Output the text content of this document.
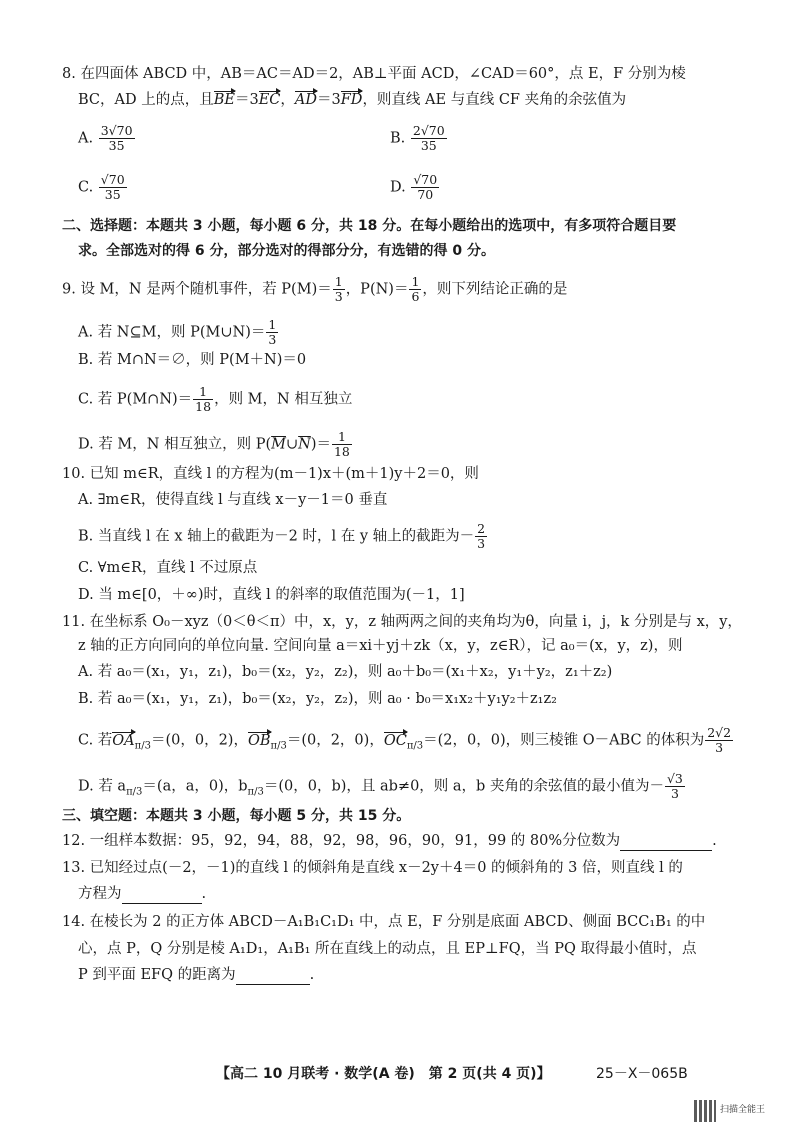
8. 在四面体 ABCD 中，AB＝AC＝AD＝2，AB⊥平面 ACD，∠CAD＝60°，点 E，F 分别为棱
BC，AD 上的点，且BE＝3EC，AD＝3FD，则直线 AE 与直线 CF 夹角的余弦值为
A. $\frac{3√70}{35}$	B. $\frac{2√70}{35}$
C. $\frac{√70}{35}$	D. $\frac{√70}{70}$
二、选择题：本题共 3 小题，每小题 6 分，共 18 分。在每小题给出的选项中，有多项符合题目要
求。全部选对的得 6 分，部分选对的得部分分，有选错的得 0 分。
9. 设 M，N 是两个随机事件，若 $P(M)= \frac{1}{3}$ ，$P(N)= \frac{1}{6}$ ，则下列结论正确的是
A. 若 N⊆M，则 P(M∪N)＝ $\frac{1}{3}$
B. 若 M∩N＝∅，则 P(M＋N)＝0
C. 若 P(M∩N)＝ $\frac{1}{18}$ ，则 M，N 相互独立
D. 若 M，N 相互独立，则 $P(\overline{M}\cup\overline{N})= \frac{1}{18}$
10. 已知 m∈R，直线 l 的方程为(m－1)x＋(m＋1)y＋2＝0，则
A. ∃m∈R，使得直线 l 与直线 x－y－1＝0 垂直
B. 当直线 l 在 x 轴上的截距为－2 时，l 在 y 轴上的截距为－ $\frac{2}{3}$
C. ∀m∈R，直线 l 不过原点
D. 当 m∈[0，＋∞)时，直线 l 的斜率的取值范围为(－1，1]
11. 在坐标系 O₀－xyz（0＜θ＜π）中，x，y，z 轴两两之间的夹角均为θ，向量 i，j，k 分别是与 x，y，
z 轴的正方向同向的单位向量. 空间向量 a＝xi＋yj＋zk（x，y，z∈R），记 a₀＝(x，y，z)，则
A. 若 a₀＝(x₁，y₁，z₁)，b₀＝(x₂，y₂，z₂)，则 a₀＋b₀＝(x₁＋x₂，y₁＋y₂，z₁＋z₂)
B. 若 a₀＝(x₁，y₁，z₁)，b₀＝(x₂，y₂，z₂)，则 a₀ · b₀＝x₁x₂＋y₁y₂＋z₁z₂
C. 若$OA_{\pi/3}=(0$，0，2)，$OB_{\pi/3}=(0$，2，0)，$OC_{\pi/3}=(2$，0，0)，则三棱锥 O－ABC 的体积为 $\frac{2√2}{3}$
D. 若 $a_{\pi/3}=(a$，a，0)，$b_{\pi/3}=(0$，0，b)，且 ab≠0，则 a，b 夹角的余弦值的最小值为－ $\frac{√3}{3}$
三、填空题：本题共 3 小题，每小题 5 分，共 15 分。
12. 一组样本数据：95，92，94，88，92，98，96，90，91，99 的 80%分位数为	.
13. 已知经过点(－2，－1)的直线 l 的倾斜角是直线 x－2y＋4＝0 的倾斜角的 3 倍，则直线 l 的
方程为	.
14. 在棱长为 2 的正方体 ABCD－A₁B₁C₁D₁ 中，点 E，F 分别是底面 ABCD、侧面 BCC₁B₁ 的中
心，点 P，Q 分别是棱 A₁D₁，A₁B₁ 所在直线上的动点，且 EP⊥FQ，当 PQ 取得最小值时，点
P 到平面 EFQ 的距离为	.
【高二 10 月联考 · 数学(A 卷)　第 2 页(共 4 页)】	25－X－065B
扫描全能王
